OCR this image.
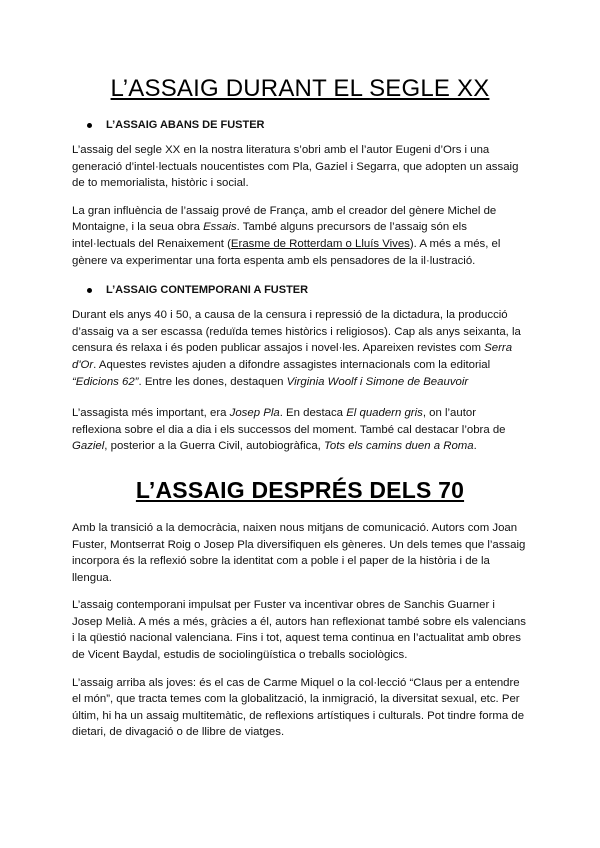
L’ASSAIG DURANT EL SEGLE XX
L’ASSAIG ABANS DE FUSTER

L’assaig del segle XX en la nostra literatura s’obri amb el l’autor Eugeni d’Ors i una generació d’intel·lectuals noucentistes com Pla, Gaziel i Segarra, que adopten un assaig de to memorialista, històric i social.

La gran influència de l’assaig prové de França, amb el creador del gènere Michel de Montaigne, i la seua obra Essais. També alguns precursors de l’assaig són els intel·lectuals del Renaixement (Erasme de Rotterdam o Lluís Vives). A més a més, el gènere va experimentar una forta espenta amb els pensadores de la il·lustració.

L’ASSAIG CONTEMPORANI A FUSTER

Durant els anys 40 i 50, a causa de la censura i repressió de la dictadura, la producció d’assaig va a ser escassa (reduïda temes històrics i religiosos). Cap als anys seixanta, la censura és relaxa i és poden publicar assajos i novel·les. Apareixen revistes com Serra d'Or. Aquestes revistes ajuden a difondre assagistes internacionals com la editorial “Edicions 62”. Entre les dones, destaquen Virginia Woolf i Simone de Beauvoir

L’assagista més important, era Josep Pla. En destaca El quadern gris, on l’autor reflexiona sobre el dia a dia i els successos del moment. També cal destacar l’obra de Gaziel, posterior a la Guerra Civil, autobiogràfica, Tots els camins duen a Roma.

L’ASSAIG DESPRÉS DELS 70

Amb la transició a la democràcia, naixen nous mitjans de comunicació. Autors com Joan Fuster, Montserrat Roig o Josep Pla diversifiquen els gèneres. Un dels temes que l’assaig incorpora és la reflexió sobre la identitat com a poble i el paper de la història i de la llengua.

L’assaig contemporani impulsat per Fuster va incentivar obres de Sanchis Guarner i Josep Melià. A més a més, gràcies a él, autors han reflexionat també sobre els valencians i la qüestió nacional valenciana. Fins i tot, aquest tema continua en l’actualitat amb obres de Vicent Baydal, estudis de sociolingüística o treballs sociològics.

L’assaig arriba als joves: és el cas de Carme Miquel o la col·lecció “Claus per a entendre el món”, que tracta temes com la globalització, la inmigració, la diversitat sexual, etc. Per últim, hi ha un assaig multitemàtic, de reflexions artístiques i culturals. Pot tindre forma de dietari, de divagació o de llibre de viatges.
